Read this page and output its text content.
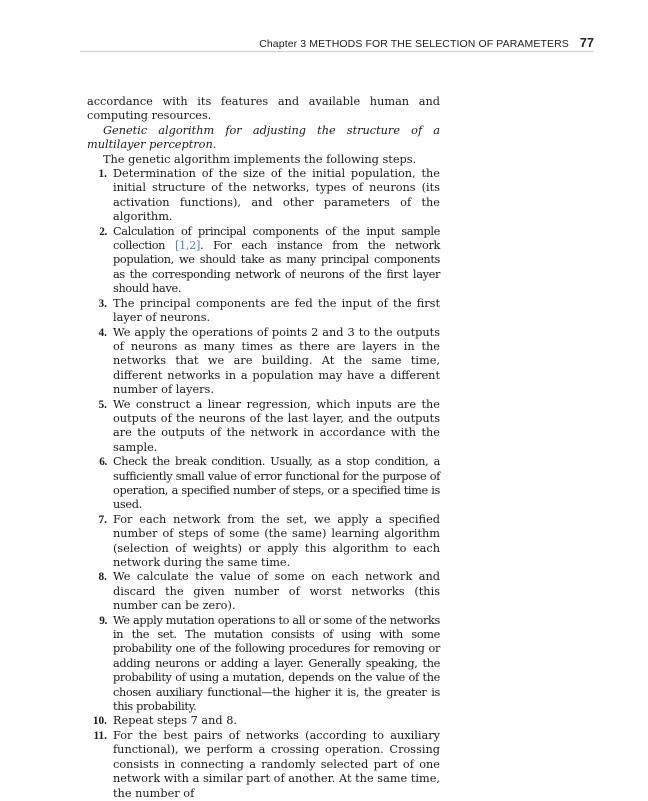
Chapter 3 METHODS FOR THE SELECTION OF PARAMETERS 77

accordance with its features and available human and computing resources.

Genetic algorithm for adjusting the structure of a multilayer perceptron.

The genetic algorithm implements the following steps.

1. Determination of the size of the initial population, the initial structure of the networks, types of neurons (its activation functions), and other parameters of the algorithm.
2. Calculation of principal components of the input sample collection [1,2]. For each instance from the network population, we should take as many principal components as the corresponding network of neurons of the first layer should have.
3. The principal components are fed the input of the first layer of neurons.
4. We apply the operations of points 2 and 3 to the outputs of neurons as many times as there are layers in the networks that we are building. At the same time, different networks in a population may have a different number of layers.
5. We construct a linear regression, which inputs are the outputs of the neurons of the last layer, and the outputs are the outputs of the network in accordance with the sample.
6. Check the break condition. Usually, as a stop condition, a sufficiently small value of error functional for the purpose of operation, a specified number of steps, or a specified time is used.
7. For each network from the set, we apply a specified number of steps of some (the same) learning algorithm (selection of weights) or apply this algorithm to each network during the same time.
8. We calculate the value of some on each network and discard the given number of worst networks (this number can be zero).
9. We apply mutation operations to all or some of the networks in the set. The mutation consists of using with some probability one of the following procedures for removing or adding neurons or adding a layer. Generally speaking, the probability of using a mutation, depends on the value of the chosen auxiliary functional—the higher it is, the greater is this probability.
10. Repeat steps 7 and 8.
11. For the best pairs of networks (according to auxiliary functional), we perform a crossing operation. Crossing consists in connecting a randomly selected part of one network with a similar part of another. At the same time, the number of
